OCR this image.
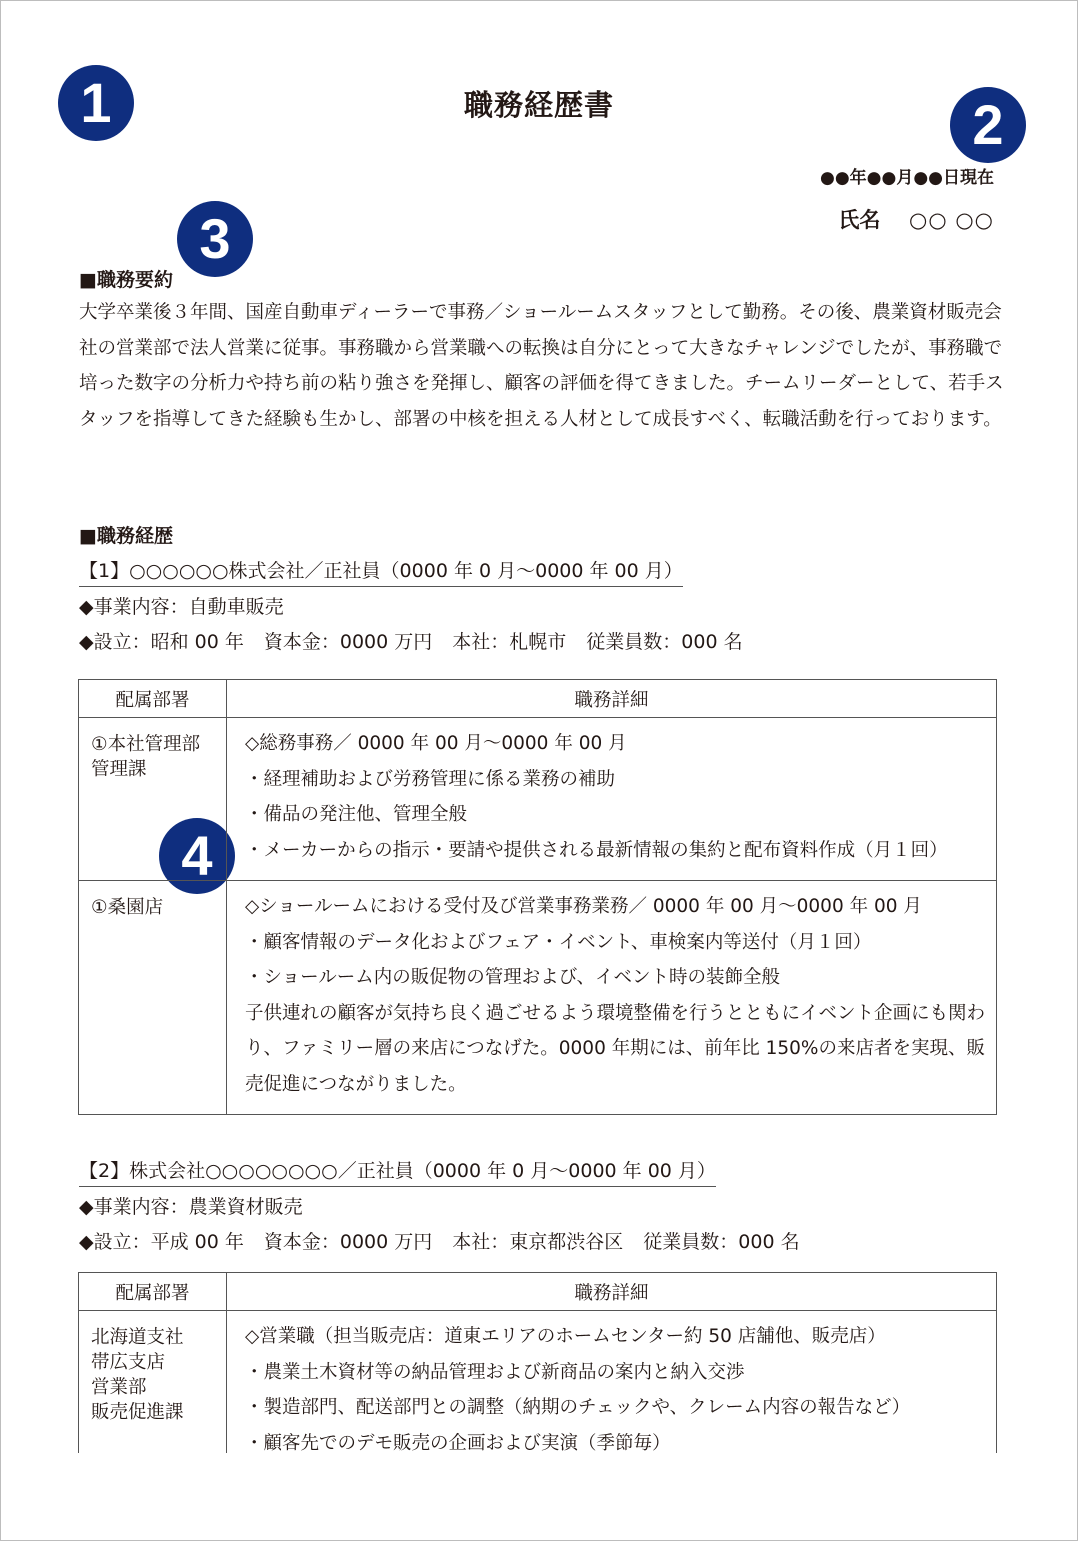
1	2
3
4
職務経歴書
●●年●●月●●日現在
氏名 ○○ ○○
■職務要約

大学卒業後３年間、国産自動車ディーラーで事務／ショールームスタッフとして勤務。その後、農業資材販売会社の営業部で法人営業に従事。事務職から営業職への転換は自分にとって大きなチャレンジでしたが、事務職で培った数字の分析力や持ち前の粘り強さを発揮し、顧客の評価を得てきました。チームリーダーとして、若手スタッフを指導してきた経験も生かし、部署の中核を担える人材として成長すべく、転職活動を行っております。

■職務経歴
【1】○○○○○○株式会社／正社員（0000 年 0 月〜0000 年 00 月）
◆事業内容：自動車販売
◆設立：昭和 00 年 資本金：0000 万円 本社：札幌市 従業員数：000 名
配属部署	職務詳細

①本社管理部
管理課	◇総務事務／ 0000 年 00 月〜0000 年 00 月
・経理補助および労務管理に係る業務の補助
・備品の発注他、管理全般
・メーカーからの指示・要請や提供される最新情報の集約と配布資料作成（月１回）

①桑園店	◇ショールームにおける受付及び営業事務業務／ 0000 年 00 月〜0000 年 00 月
・顧客情報のデータ化およびフェア・イベント、車検案内等送付（月１回）
・ショールーム内の販促物の管理および、イベント時の装飾全般
子供連れの顧客が気持ち良く過ごせるよう環境整備を行うとともにイベント企画にも関わり、ファミリー層の来店につなげた。0000 年期には、前年比 150%の来店者を実現、販売促進につながりました。
【2】株式会社○○○○○○○○／正社員（0000 年 0 月〜0000 年 00 月）
◆事業内容：農業資材販売
◆設立：平成 00 年 資本金：0000 万円 本社：東京都渋谷区 従業員数：000 名
配属部署	職務詳細

北海道支社
帯広支店
営業部
販売促進課	◇営業職（担当販売店：道東エリアのホームセンター約 50 店舗他、販売店）
・農業土木資材等の納品管理および新商品の案内と納入交渉
・製造部門、配送部門との調整（納期のチェックや、クレーム内容の報告など）
・顧客先でのデモ販売の企画および実演（季節毎）
